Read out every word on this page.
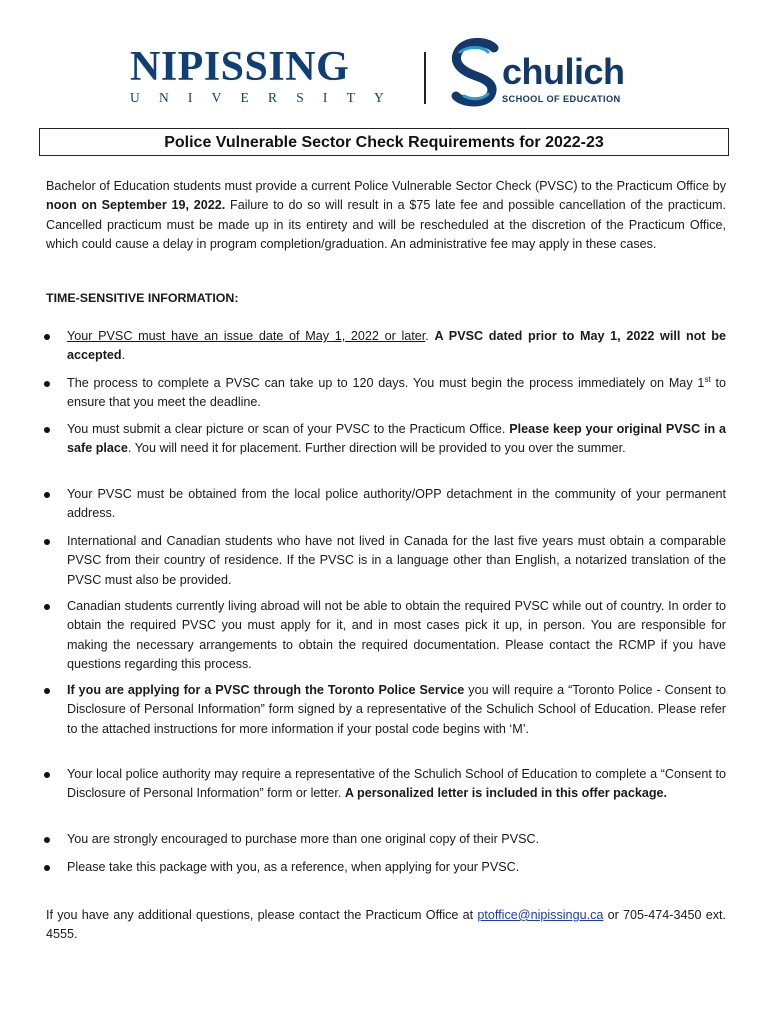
NIPISSING
UNIVERSITY
chulich
SCHOOL OF EDUCATION
Police Vulnerable Sector Check Requirements for 2022-23
Bachelor of Education students must provide a current Police Vulnerable Sector Check (PVSC) to the Practicum Office by noon on September 19, 2022. Failure to do so will result in a $75 late fee and possible cancellation of the practicum. Cancelled practicum must be made up in its entirety and will be rescheduled at the discretion of the Practicum Office, which could cause a delay in program completion/graduation. An administrative fee may apply in these cases.
TIME-SENSITIVE INFORMATION:
Your PVSC must have an issue date of May 1, 2022 or later. A PVSC dated prior to May 1, 2022 will not be accepted.
The process to complete a PVSC can take up to 120 days. You must begin the process immediately on May 1st to ensure that you meet the deadline.
You must submit a clear picture or scan of your PVSC to the Practicum Office. Please keep your original PVSC in a safe place. You will need it for placement. Further direction will be provided to you over the summer.
Your PVSC must be obtained from the local police authority/OPP detachment in the community of your permanent address.
International and Canadian students who have not lived in Canada for the last five years must obtain a comparable PVSC from their country of residence. If the PVSC is in a language other than English, a notarized translation of the PVSC must also be provided.
Canadian students currently living abroad will not be able to obtain the required PVSC while out of country. In order to obtain the required PVSC you must apply for it, and in most cases pick it up, in person. You are responsible for making the necessary arrangements to obtain the required documentation. Please contact the RCMP if you have questions regarding this process.
If you are applying for a PVSC through the Toronto Police Service you will require a “Toronto Police - Consent to Disclosure of Personal Information” form signed by a representative of the Schulich School of Education. Please refer to the attached instructions for more information if your postal code begins with ‘M’.
Your local police authority may require a representative of the Schulich School of Education to complete a “Consent to Disclosure of Personal Information” form or letter. A personalized letter is included in this offer package.
You are strongly encouraged to purchase more than one original copy of their PVSC.
Please take this package with you, as a reference, when applying for your PVSC.
If you have any additional questions, please contact the Practicum Office at ptoffice@nipissingu.ca or 705-474-3450 ext. 4555.
